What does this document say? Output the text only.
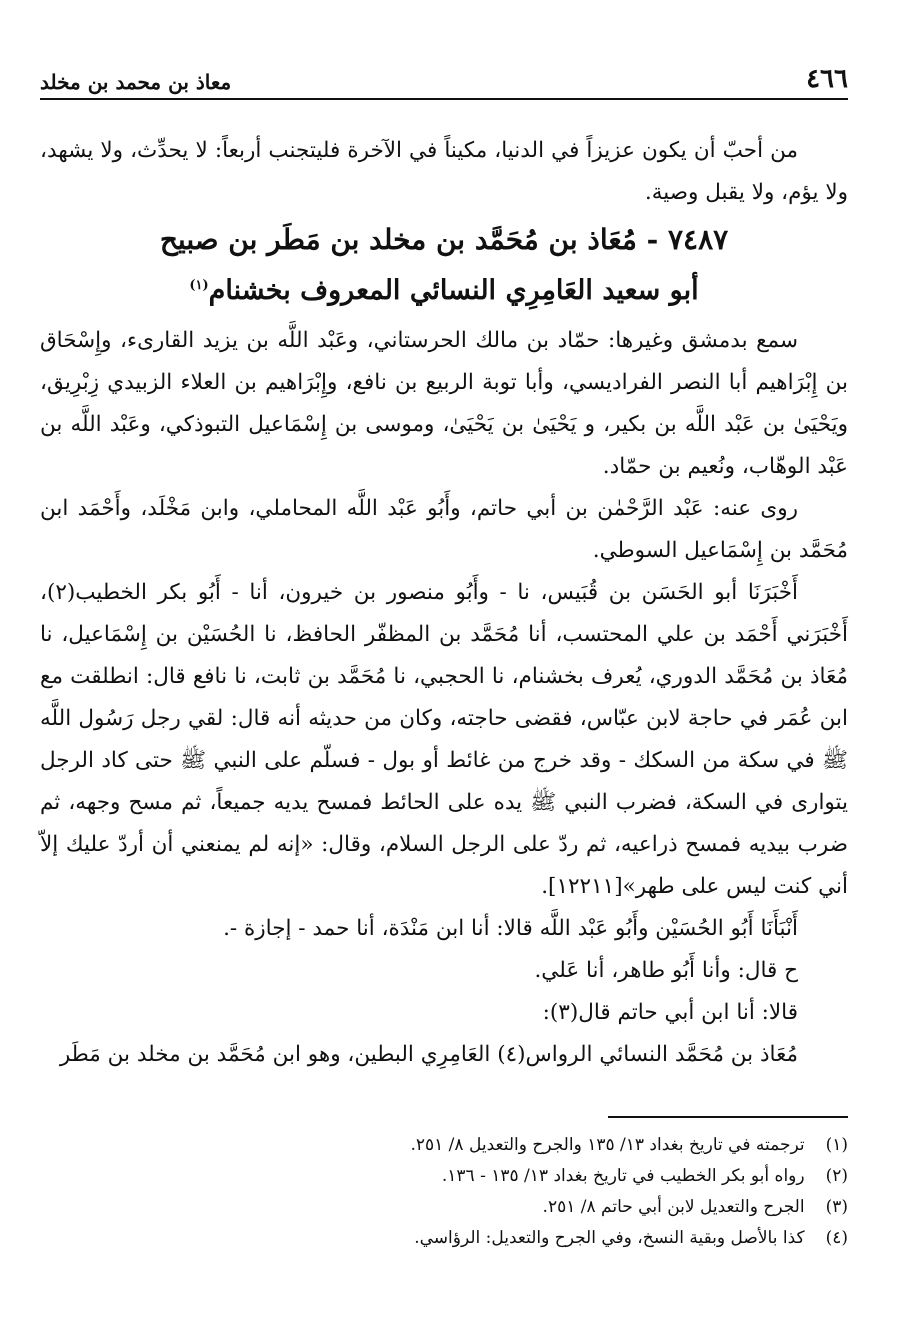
٤٦٦
معاذ بن محمد بن مخلد

من أحبّ أن يكون عزيزاً في الدنيا، مكيناً في الآخرة فليتجنب أربعاً: لا يحدِّث، ولا يشهد، ولا يؤم، ولا يقبل وصية.

٧٤٨٧ - مُعَاذ بن مُحَمَّد بن مخلد بن مَطَر بن صبيح

أبو سعيد العَامِرِي النسائي المعروف بخشنام$^{(١)}$

سمع بدمشق وغيرها: حمّاد بن مالك الحرستاني، وعَبْد اللَّه بن يزيد القارىء، وإِسْحَاق بن إِبْرَاهيم أبا النصر الفراديسي، وأبا توبة الربيع بن نافع، وإِبْرَاهيم بن العلاء الزبيدي زِبْرِيق، ويَحْيَىٰ بن عَبْد اللَّه بن بكير، و يَحْيَىٰ بن يَحْيَىٰ، وموسى بن إِسْمَاعيل التبوذكي، وعَبْد اللَّه بن عَبْد الوهّاب، ونُعيم بن حمّاد.

روى عنه: عَبْد الرَّحْمٰن بن أبي حاتم، وأَبُو عَبْد اللَّه المحاملي، وابن مَخْلَد، وأَحْمَد ابن مُحَمَّد بن إِسْمَاعيل السوطي.

أَخْبَرَنَا أبو الحَسَن بن قُبَيس، نا - وأَبُو منصور بن خيرون، أنا - أَبُو بكر الخطيب(٢)، أَخْبَرَني أَحْمَد بن علي المحتسب، أنا مُحَمَّد بن المظفّر الحافظ، نا الحُسَيْن بن إِسْمَاعيل، نا مُعَاذ بن مُحَمَّد الدوري، يُعرف بخشنام، نا الحجبي، نا مُحَمَّد بن ثابت، نا نافع قال: انطلقت مع ابن عُمَر في حاجة لابن عبّاس، فقضى حاجته، وكان من حديثه أنه قال: لقي رجل رَسُول اللَّه ﷺ في سكة من السكك - وقد خرج من غائط أو بول - فسلّم على النبي ﷺ حتى كاد الرجل يتوارى في السكة، فضرب النبي ﷺ يده على الحائط فمسح يديه جميعاً، ثم مسح وجهه، ثم ضرب بيديه فمسح ذراعيه، ثم ردّ على الرجل السلام، وقال: «إنه لم يمنعني أن أردّ عليك إلاّ أني كنت ليس على طهر»[١٢٢١١].

أَنْبَأَنَا أَبُو الحُسَيْن وأَبُو عَبْد اللَّه قالا: أنا ابن مَنْدَة، أنا حمد - إجازة -.

ح قال: وأنا أَبُو طاهر، أنا عَلي.

قالا: أنا ابن أبي حاتم قال(٣):

مُعَاذ بن مُحَمَّد النسائي الرواس(٤) العَامِرِي البطين، وهو ابن مُحَمَّد بن مخلد بن مَطَر

(١) ترجمته في تاريخ بغداد ١٣/ ١٣٥ والجرح والتعديل ٨/ ٢٥١.

(٢) رواه أبو بكر الخطيب في تاريخ بغداد ١٣/ ١٣٥ - ١٣٦.

(٣) الجرح والتعديل لابن أبي حاتم ٨/ ٢٥١.

(٤) كذا بالأصل وبقية النسخ، وفي الجرح والتعديل: الرؤاسي.
